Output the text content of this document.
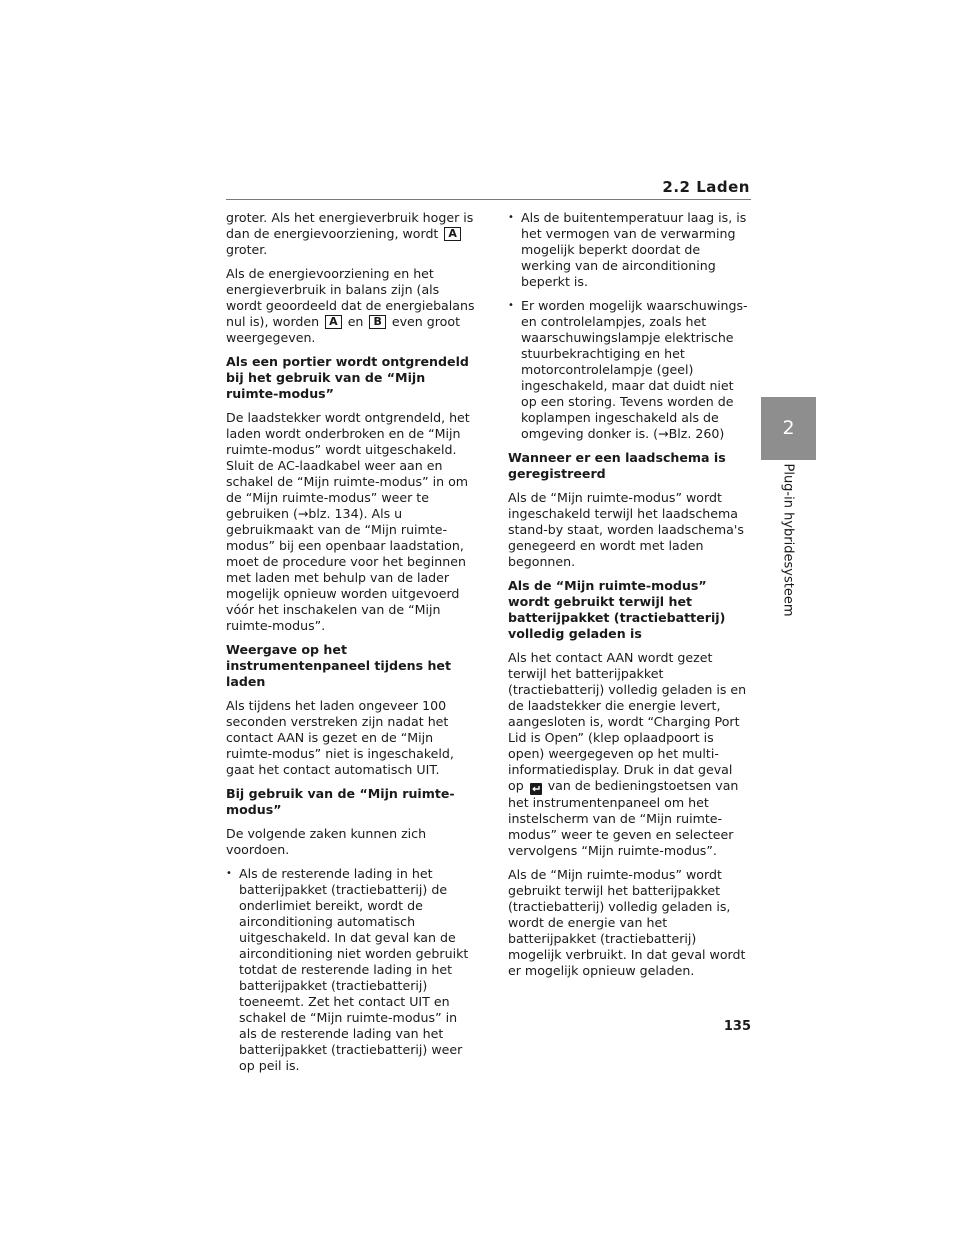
2.2 Laden

groter. Als het energieverbruik hoger is dan de energievoorziening, wordt A groter.

Als de energievoorziening en het energieverbruik in balans zijn (als wordt geoordeeld dat de energiebalans nul is), worden A en B even groot weergegeven.

Als een portier wordt ontgrendeld bij het gebruik van de “Mijn ruimte-modus”

De laadstekker wordt ontgrendeld, het laden wordt onderbroken en de “Mijn ruimte-modus” wordt uitgeschakeld. Sluit de AC-laadkabel weer aan en schakel de “Mijn ruimte-modus” in om de “Mijn ruimte-modus” weer te gebruiken (→blz. 134). Als u gebruikmaakt van de “Mijn ruimte-modus” bij een openbaar laadstation, moet de procedure voor het beginnen met laden met behulp van de lader mogelijk opnieuw worden uitgevoerd vóór het inschakelen van de “Mijn ruimte-modus”.

Weergave op het instrumentenpaneel tijdens het laden

Als tijdens het laden ongeveer 100 seconden verstreken zijn nadat het contact AAN is gezet en de “Mijn ruimte-modus” niet is ingeschakeld, gaat het contact automatisch UIT.

Bij gebruik van de “Mijn ruimte-modus”

De volgende zaken kunnen zich voordoen.

• Als de resterende lading in het batterijpakket (tractiebatterij) de onderlimiet bereikt, wordt de airconditioning automatisch uitgeschakeld. In dat geval kan de airconditioning niet worden gebruikt totdat de resterende lading in het batterijpakket (tractiebatterij) toeneemt. Zet het contact UIT en schakel de “Mijn ruimte-modus” in als de resterende lading van het batterijpakket (tractiebatterij) weer op peil is.
• Als de buitentemperatuur laag is, is het vermogen van de verwarming mogelijk beperkt doordat de werking van de airconditioning beperkt is.
• Er worden mogelijk waarschuwings- en controlelampjes, zoals het waarschuwingslampje elektrische stuurbekrachtiging en het motorcontrolelampje (geel) ingeschakeld, maar dat duidt niet op een storing. Tevens worden de koplampen ingeschakeld als de omgeving donker is. (→Blz. 260)
Wanneer er een laadschema is geregistreerd

Als de “Mijn ruimte-modus” wordt ingeschakeld terwijl het laadschema stand-by staat, worden laadschema's genegeerd en wordt met laden begonnen.

Als de “Mijn ruimte-modus” wordt gebruikt terwijl het batterijpakket (tractiebatterij) volledig geladen is

Als het contact AAN wordt gezet terwijl het batterijpakket (tractiebatterij) volledig geladen is en de laadstekker die energie levert, aangesloten is, wordt “Charging Port Lid is Open” (klep oplaadpoort is open) weergegeven op het multi-informatiedisplay. Druk in dat geval op van de bedieningstoetsen van het instrumentenpaneel om het instelscherm van de “Mijn ruimte-modus” weer te geven en selecteer vervolgens “Mijn ruimte-modus”.

Als de “Mijn ruimte-modus” wordt gebruikt terwijl het batterijpakket (tractiebatterij) volledig geladen is, wordt de energie van het batterijpakket (tractiebatterij) mogelijk verbruikt. In dat geval wordt er mogelijk opnieuw geladen.

2
Plug-in hybridesysteem
135
